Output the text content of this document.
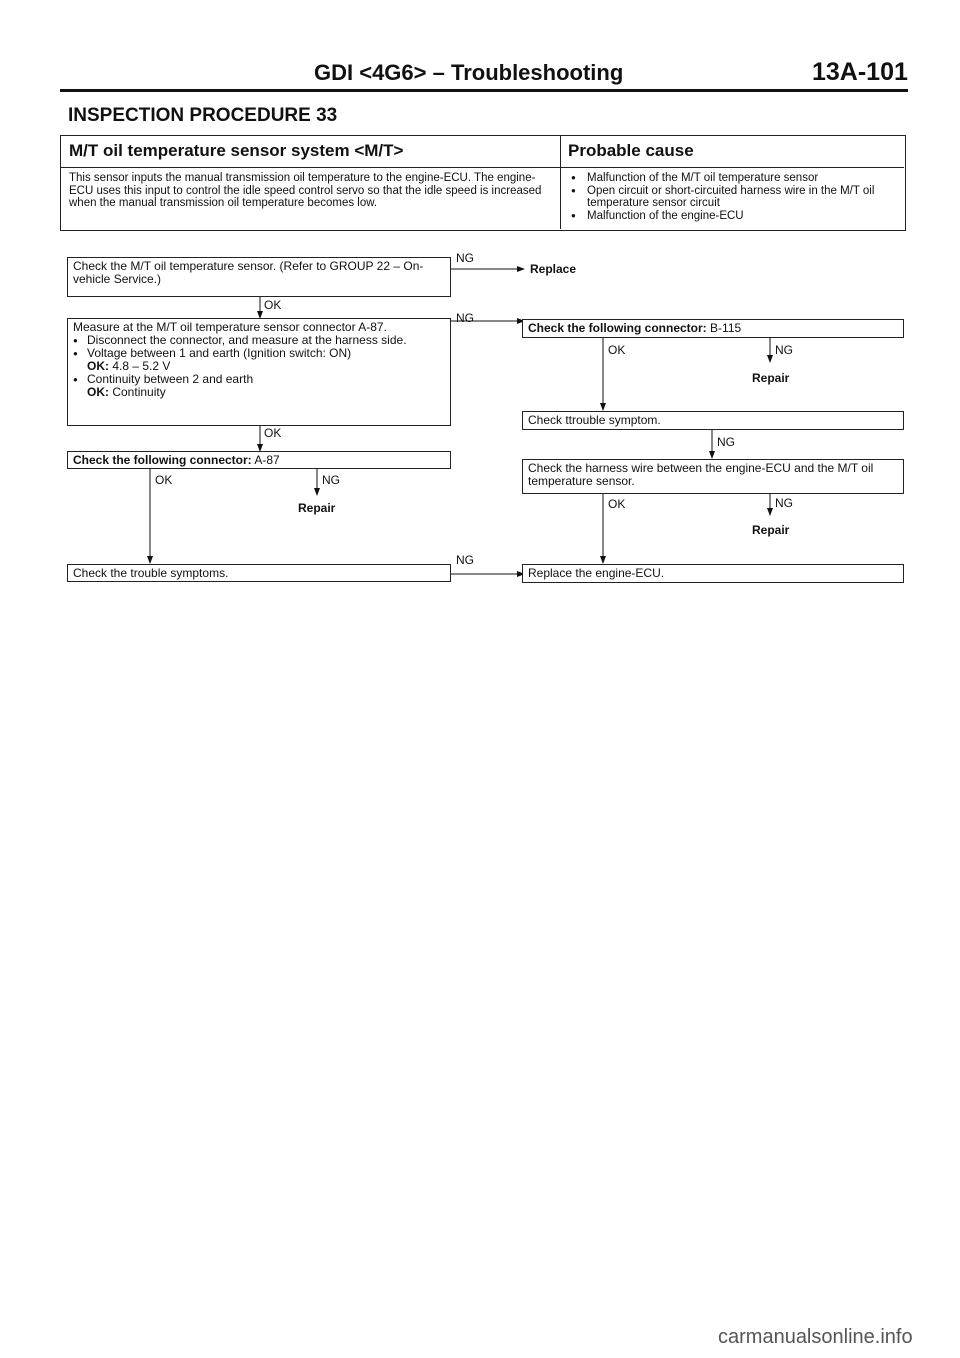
GDI <4G6> – Troubleshooting	13A-101
INSPECTION PROCEDURE 33
M/T oil temperature sensor system <M/T>	Probable cause
This sensor inputs the manual transmission oil temperature to the engine-ECU. The engine-ECU uses this input to control the idle speed control servo so that the idle speed is increased when the manual transmission oil temperature becomes low.
● Malfunction of the M/T oil temperature sensor
● Open circuit or short-circuited harness wire in the M/T oil temperature sensor circuit
● Malfunction of the engine-ECU
Check the M/T oil temperature sensor. (Refer to GROUP 22 – On-vehicle Service.)
NG
Replace
OK
Measure at the M/T oil temperature sensor connector A-87.
● Disconnect the connector, and measure at the harness side.
● Voltage between 1 and earth (Ignition switch: ON)
OK: 4.8 – 5.2 V
● Continuity between 2 and earth
OK: Continuity
NG
OK
Check the following connector: A-87
OK	NG
Repair
Check the trouble symptoms.
NG
Check the following connector: B-115
OK	NG
Repair
Check ttrouble symptom.
NG
Check the harness wire between the engine-ECU and the M/T oil temperature sensor.
OK	NG
Repair
Replace the engine-ECU.
carmanualsonline.info
